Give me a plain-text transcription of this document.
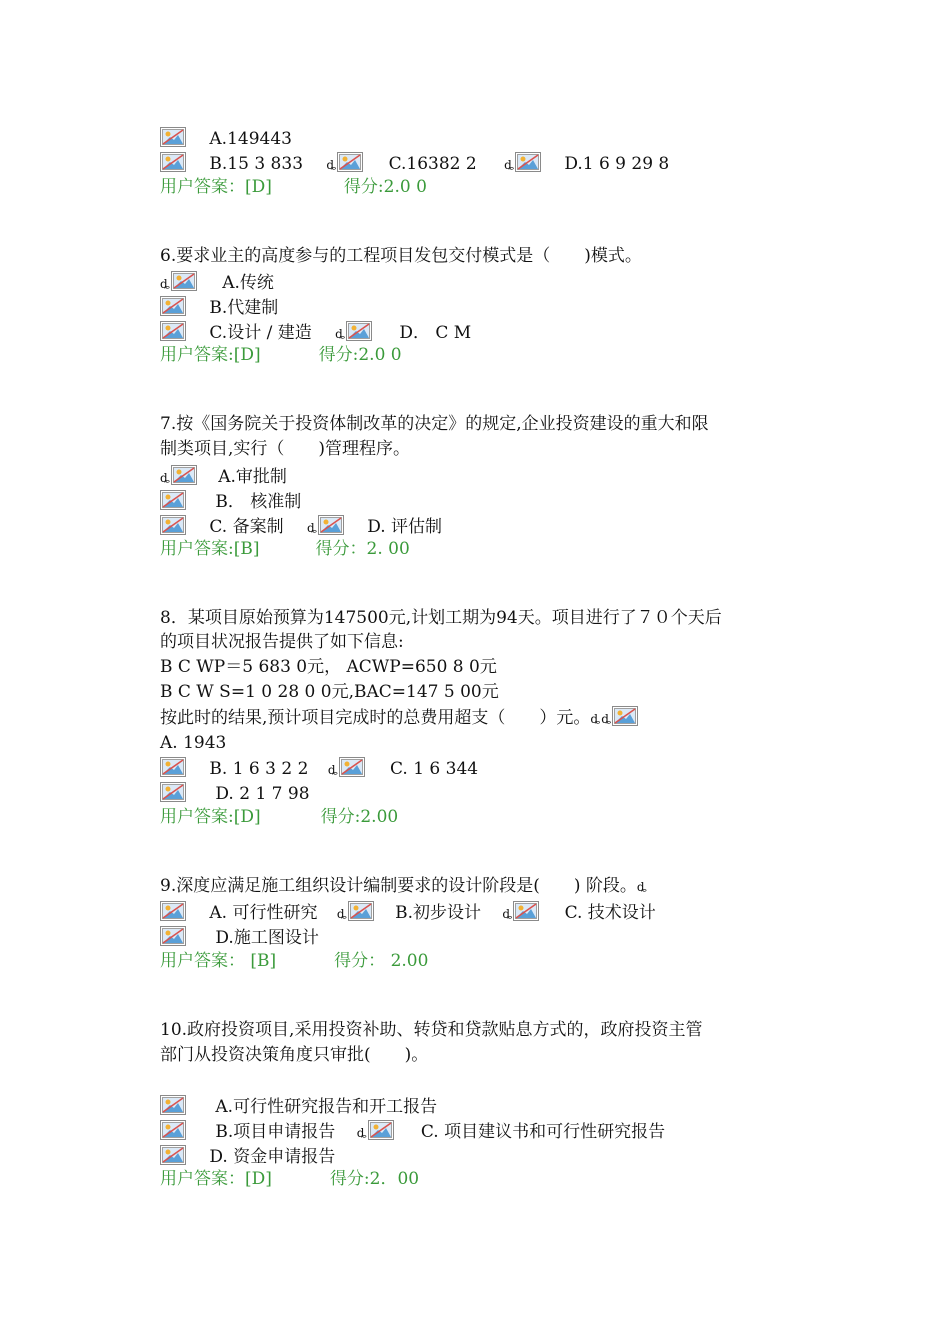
A.149443
B.15 3 833 ȡ	C.16382 2 ȡ	D.1 6 9 29 8
用户答案：[D]	得分:2.0 0
6.要求业主的高度参与的工程项目发包交付模式是（　　)模式。
ȡ	A.传统
B.代建制
C.设计 / 建造 ȡ	D． C M
用户答案:[D]	得分:2.0 0
7.按《国务院关于投资体制改革的决定》的规定,企业投资建设的重大和限
制类项目,实行（　　)管理程序。
ȡ	A.审批制
B． 核准制
C. 备案制 ȡ	D. 评估制
用户答案:[B]	得分：2. 00
8．某项目原始预算为147500元,计划工期为94天。项目进行了７０个天后
的项目状况报告提供了如下信息:
B C WP＝5 683 0元， ACWP=650 8 0元
B C W S=1 0 28 0 0元,BAC=147 5 00元
按此时的结果,预计项目完成时的总费用超支（　　）元。ȡȡ
A. 1943
B. 1 6 3 2 2 ȡ	C. 1 6 344
D. 2 1 7 98
用户答案:[D]	得分:2.00
9.深度应满足施工组织设计编制要求的设计阶段是(　　) 阶段。ȡ
A. 可行性研究 ȡ	B.初步设计 ȡ	C. 技术设计
D.施工图设计
用户答案： [B]	得分： 2.00
10.政府投资项目,采用投资补助、转贷和贷款贴息方式的，政府投资主管
部门从投资决策角度只审批(　　)。
A.可行性研究报告和开工报告
B.项目申请报告 ȡ	C. 项目建议书和可行性研究报告
D. 资金申请报告
用户答案：[D]	得分:2．00
